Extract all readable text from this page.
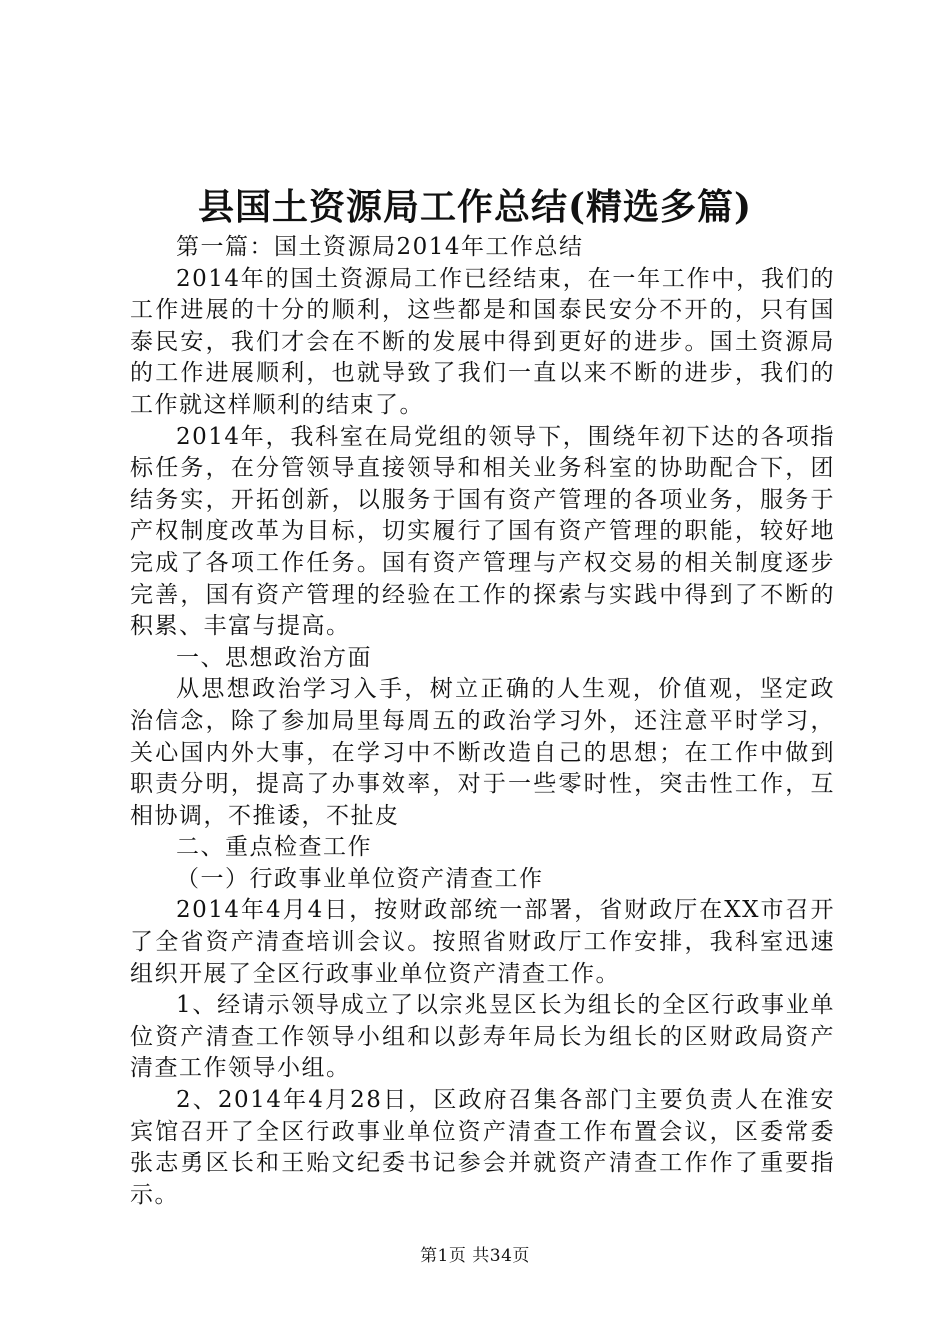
县国土资源局工作总结(精选多篇)

第一篇：国土资源局2014年工作总结

2014年的国土资源局工作已经结束，在一年工作中，我们的工作进展的十分的顺利，这些都是和国泰民安分不开的，只有国泰民安，我们才会在不断的发展中得到更好的进步。国土资源局的工作进展顺利，也就导致了我们一直以来不断的进步，我们的工作就这样顺利的结束了。

2014年，我科室在局党组的领导下，围绕年初下达的各项指标任务，在分管领导直接领导和相关业务科室的协助配合下，团结务实，开拓创新，以服务于国有资产管理的各项业务，服务于产权制度改革为目标，切实履行了国有资产管理的职能，较好地完成了各项工作任务。国有资产管理与产权交易的相关制度逐步完善，国有资产管理的经验在工作的探索与实践中得到了不断的积累、丰富与提高。

一、思想政治方面

从思想政治学习入手，树立正确的人生观，价值观，坚定政治信念，除了参加局里每周五的政治学习外，还注意平时学习，关心国内外大事，在学习中不断改造自己的思想；在工作中做到职责分明，提高了办事效率，对于一些零时性，突击性工作，互相协调，不推诿，不扯皮

二、重点检查工作

（一）行政事业单位资产清查工作

2014年4月4日，按财政部统一部署，省财政厅在XX市召开了全省资产清查培训会议。按照省财政厅工作安排，我科室迅速组织开展了全区行政事业单位资产清查工作。

1、经请示领导成立了以宗兆昱区长为组长的全区行政事业单位资产清查工作领导小组和以彭寿年局长为组长的区财政局资产清查工作领导小组。

2、2014年4月28日，区政府召集各部门主要负责人在淮安宾馆召开了全区行政事业单位资产清查工作布置会议，区委常委张志勇区长和王贻文纪委书记参会并就资产清查工作作了重要指示。

第1页 共34页
